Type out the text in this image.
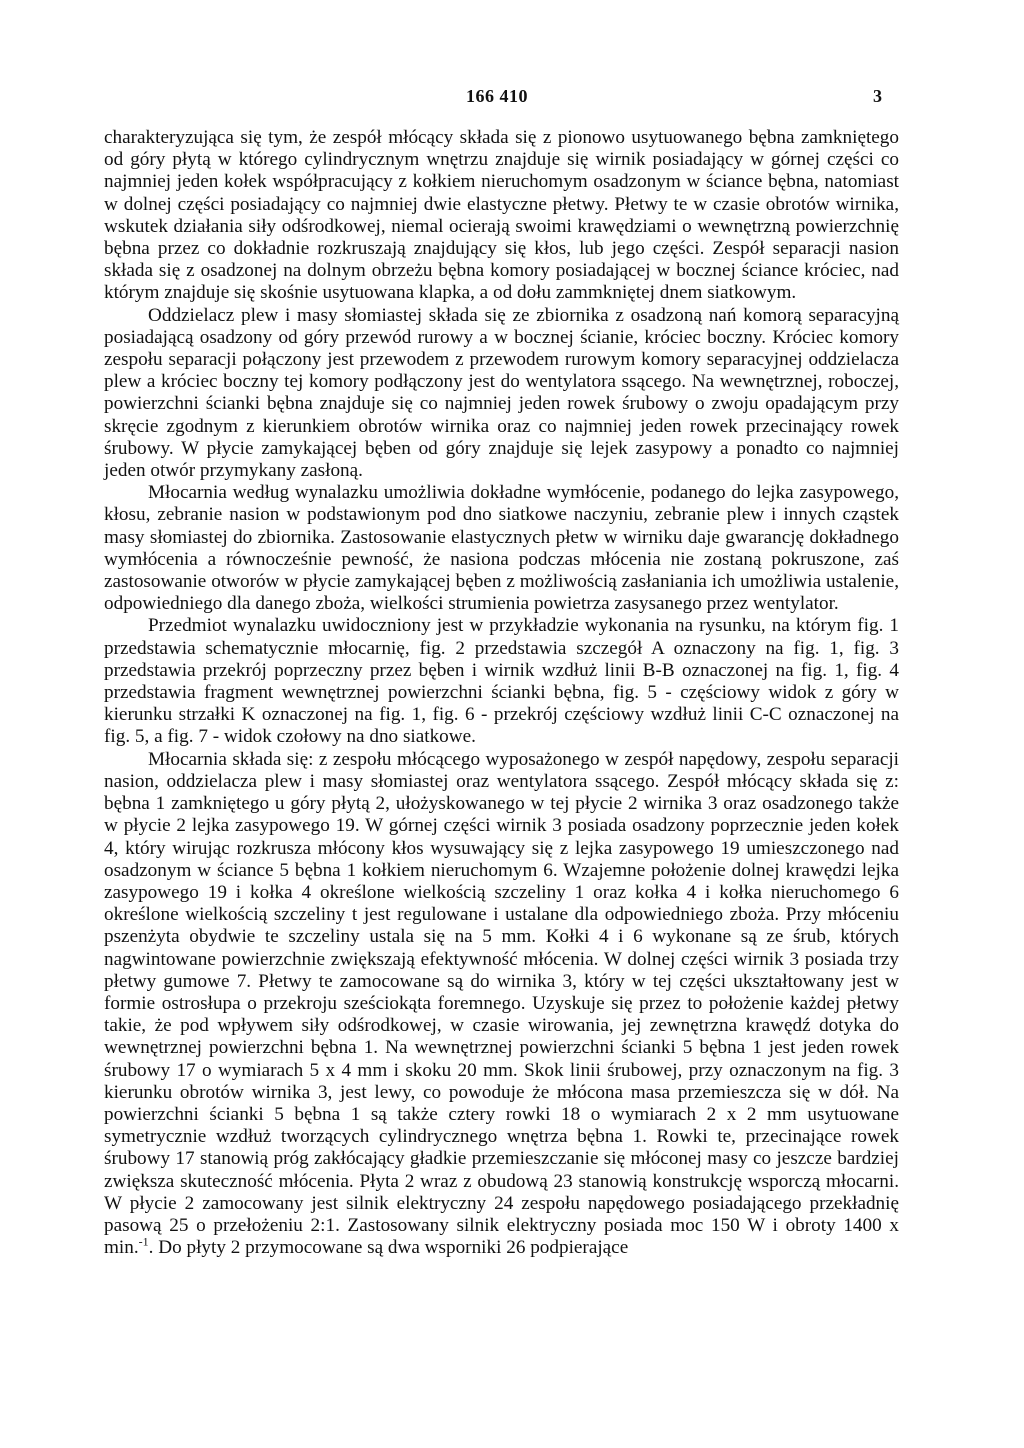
166 410	3

charakteryzująca się tym, że zespół młócący składa się z pionowo usytuowanego bębna zamkniętego od góry płytą w którego cylindrycznym wnętrzu znajduje się wirnik posiadający w górnej części co najmniej jeden kołek współpracujący z kołkiem nieruchomym osadzonym w ściance bębna, natomiast w dolnej części posiadający co najmniej dwie elastyczne płetwy. Płetwy te w czasie obrotów wirnika, wskutek działania siły odśrodkowej, niemal ocierają swoimi krawędziami o wewnętrzną powierzchnię bębna przez co dokładnie rozkruszają znajdujący się kłos, lub jego części. Zespół separacji nasion składa się z osadzonej na dolnym obrzeżu bębna komory posiadającej w bocznej ściance króciec, nad którym znajduje się skośnie usytuowana klapka, a od dołu zammkniętej dnem siatkowym.

Oddzielacz plew i masy słomiastej składa się ze zbiornika z osadzoną nań komorą separacyjną posiadającą osadzony od góry przewód rurowy a w bocznej ścianie, króciec boczny. Króciec komory zespołu separacji połączony jest przewodem z przewodem rurowym komory separacyjnej oddzielacza plew a króciec boczny tej komory podłączony jest do wentylatora ssącego. Na wewnętrznej, roboczej, powierzchni ścianki bębna znajduje się co najmniej jeden rowek śrubowy o zwoju opadającym przy skręcie zgodnym z kierunkiem obrotów wirnika oraz co najmniej jeden rowek przecinający rowek śrubowy. W płycie zamykającej bęben od góry znajduje się lejek zasypowy a ponadto co najmniej jeden otwór przymykany zasłoną.

Młocarnia według wynalazku umożliwia dokładne wymłócenie, podanego do lejka zasypowego, kłosu, zebranie nasion w podstawionym pod dno siatkowe naczyniu, zebranie plew i innych cząstek masy słomiastej do zbiornika. Zastosowanie elastycznych płetw w wirniku daje gwarancję dokładnego wymłócenia a równocześnie pewność, że nasiona podczas młócenia nie zostaną pokruszone, zaś zastosowanie otworów w płycie zamykającej bęben z możliwością zasłaniania ich umożliwia ustalenie, odpowiedniego dla danego zboża, wielkości strumienia powietrza zasysanego przez wentylator.

Przedmiot wynalazku uwidoczniony jest w przykładzie wykonania na rysunku, na którym fig. 1 przedstawia schematycznie młocarnię, fig. 2 przedstawia szczegół A oznaczony na fig. 1, fig. 3 przedstawia przekrój poprzeczny przez bęben i wirnik wzdłuż linii B-B oznaczonej na fig. 1, fig. 4 przedstawia fragment wewnętrznej powierzchni ścianki bębna, fig. 5 - częściowy widok z góry w kierunku strzałki K oznaczonej na fig. 1, fig. 6 - przekrój częściowy wzdłuż linii C-C oznaczonej na fig. 5, a fig. 7 - widok czołowy na dno siatkowe.

Młocarnia składa się: z zespołu młócącego wyposażonego w zespół napędowy, zespołu separacji nasion, oddzielacza plew i masy słomiastej oraz wentylatora ssącego. Zespół młócący składa się z: bębna 1 zamkniętego u góry płytą 2, ułożyskowanego w tej płycie 2 wirnika 3 oraz osadzonego także w płycie 2 lejka zasypowego 19. W górnej części wirnik 3 posiada osadzony poprzecznie jeden kołek 4, który wirując rozkruszа młócony kłos wysuwający się z lejka zasypowego 19 umieszczonego nad osadzonym w ściance 5 bębna 1 kołkiem nieruchomym 6. Wzajemne położenie dolnej krawędzi lejka zasypowego 19 i kołka 4 określone wielkością szczeliny 1 oraz kołka 4 i kołka nieruchomego 6 określone wielkością szczeliny t jest regulowane i ustalane dla odpowiedniego zboża. Przy młóceniu pszenżyta obydwie te szczeliny ustala się na 5 mm. Kołki 4 i 6 wykonane są ze śrub, których nagwintowane powierzchnie zwiększają efektywność młócenia. W dolnej części wirnik 3 posiada trzy płetwy gumowe 7. Płetwy te zamocowane są do wirnika 3, który w tej części ukształtowany jest w formie ostrosłupa o przekroju sześciokąta foremnego. Uzyskuje się przez to położenie każdej płetwy takie, że pod wpływem siły odśrodkowej, w czasie wirowania, jej zewnętrzna krawędź dotyka do wewnętrznej powierzchni bębna 1. Na wewnętrznej powierzchni ścianki 5 bębna 1 jest jeden rowek śrubowy 17 o wymiarach 5 x 4 mm i skoku 20 mm. Skok linii śrubowej, przy oznaczonym na fig. 3 kierunku obrotów wirnika 3, jest lewy, co powoduje że młócona masa przemieszcza się w dół. Na powierzchni ścianki 5 bębna 1 są także cztery rowki 18 o wymiarach 2 x 2 mm usytuowane symetrycznie wzdłuż tworzących cylindrycznego wnętrza bębna 1. Rowki te, przecinające rowek śrubowy 17 stanowią próg zakłócający gładkie przemieszczanie się młóconej masy co jeszcze bardziej zwiększa skuteczność młócenia. Płyta 2 wraz z obudową 23 stanowią konstrukcję wsporczą młocarni. W płycie 2 zamocowany jest silnik elektryczny 24 zespołu napędowego posiadającego przekładnię pasową 25 o przełożeniu 2:1. Zastosowany silnik elektryczny posiada moc 150 W i obroty 1400 x min.$^{-1}$. Do płyty 2 przymocowane są dwa wsporniki 26 podpierające
